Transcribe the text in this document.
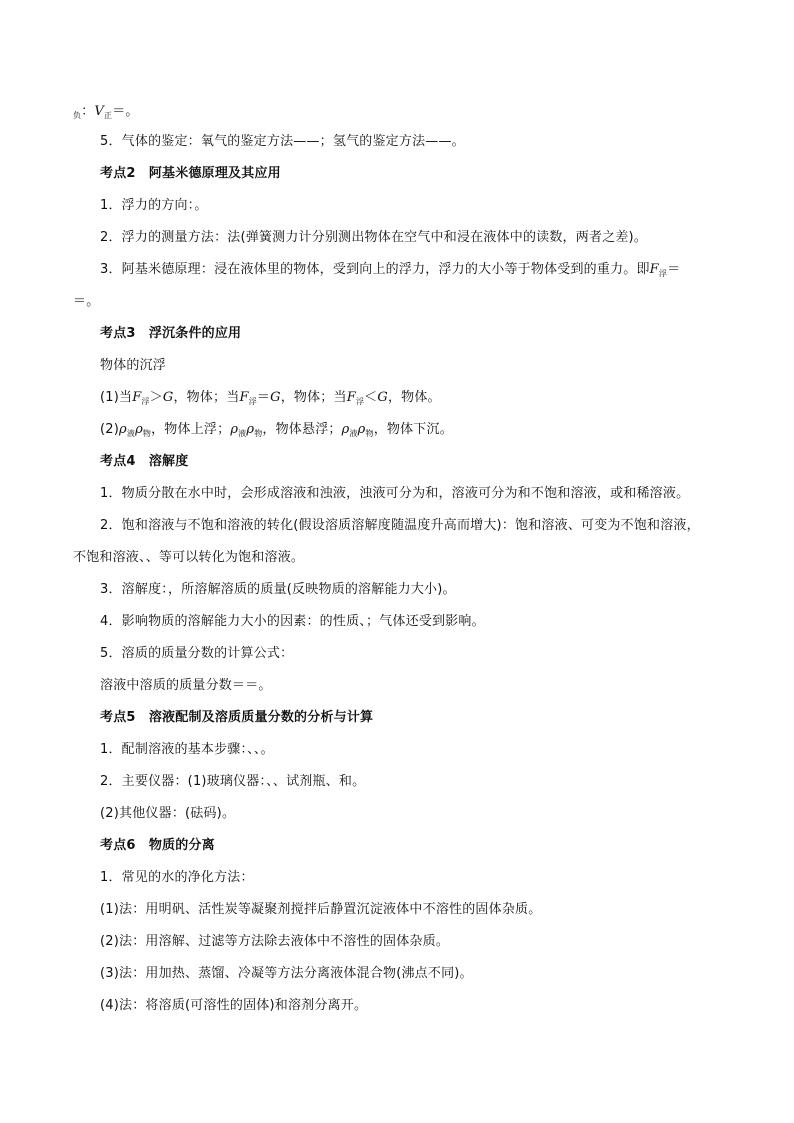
$_负$：$V_正=$。
5．气体的鉴定：氧气的鉴定方法——；氢气的鉴定方法——。
考点2　阿基米德原理及其应用
1．浮力的方向：。
2．浮力的测量方法：法(弹簧测力计分别测出物体在空气中和浸在液体中的读数，两者之差)。
3．阿基米德原理：浸在液体里的物体，受到向上的浮力，浮力的大小等于物体受到的重力。即$F_浮=$
＝。
考点3　浮沉条件的应用
物体的沉浮
(1)当$F_浮>G$，物体；当$F_浮=G$，物体；当$F_浮<G$，物体。
$(2)\rho_液\rho_物$，物体上浮；$\rho_液\rho_物$，物体悬浮；$\rho_液\rho_物$，物体下沉。
考点4　溶解度
1．物质分散在水中时，会形成溶液和浊液，浊液可分为和，溶液可分为和不饱和溶液，或和稀溶液。
2．饱和溶液与不饱和溶液的转化(假设溶质溶解度随温度升高而增大)：饱和溶液、可变为不饱和溶液，
不饱和溶液、、等可以转化为饱和溶液。
3．溶解度：，所溶解溶质的质量(反映物质的溶解能力大小)。
4．影响物质的溶解能力大小的因素：的性质、；气体还受到影响。
5．溶质的质量分数的计算公式：
溶液中溶质的质量分数＝＝。
考点5　溶液配制及溶质质量分数的分析与计算
1．配制溶液的基本步骤：、、。
2．主要仪器：(1)玻璃仪器：、、试剂瓶、和。
(2)其他仪器：(砝码)。
考点6　物质的分离
1．常见的水的净化方法：
(1)法：用明矾、活性炭等凝聚剂搅拌后静置沉淀液体中不溶性的固体杂质。
(2)法：用溶解、过滤等方法除去液体中不溶性的固体杂质。
(3)法：用加热、蒸馏、冷凝等方法分离液体混合物(沸点不同)。
(4)法：将溶质(可溶性的固体)和溶剂分离开。
